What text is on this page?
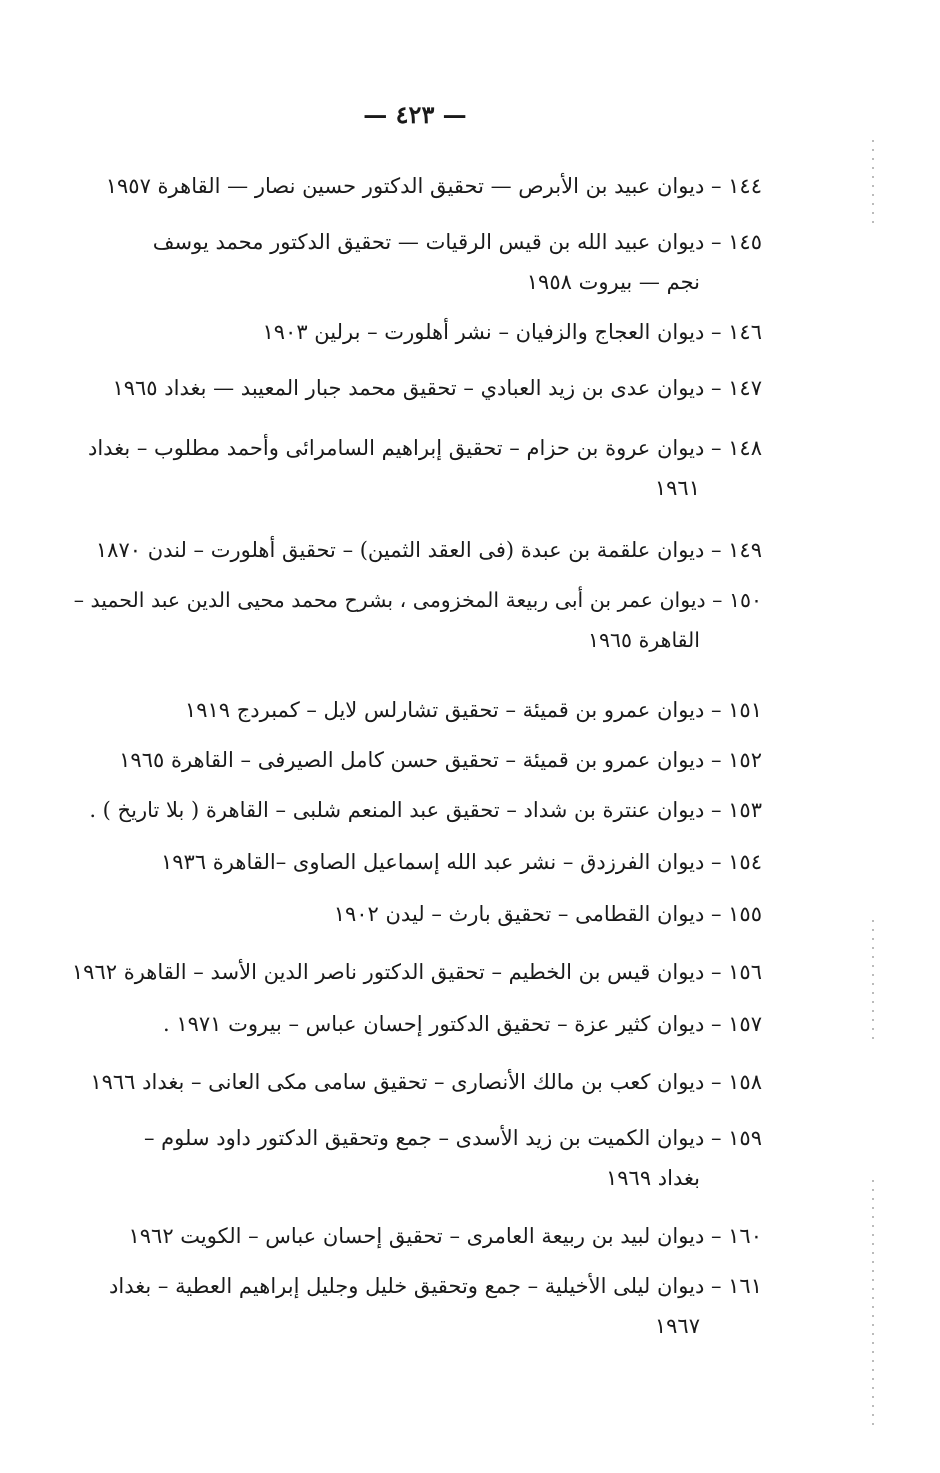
— ٤٢٣ —
١٤٤ – ديوان عبيد بن الأبرص — تحقيق الدكتور حسين نصار — القاهرة ١٩٥٧
١٤٥ – ديوان عبيد الله بن قيس الرقيات — تحقيق الدكتور محمد يوسف
نجم — بيروت ١٩٥٨
١٤٦ – ديوان العجاج والزفيان – نشر أهلورت – برلين ١٩٠٣
١٤٧ – ديوان عدى بن زيد العبادي – تحقيق محمد جبار المعيبد — بغداد ١٩٦٥
١٤٨ – ديوان عروة بن حزام – تحقيق إبراهيم السامرائى وأحمد مطلوب – بغداد
١٩٦١
١٤٩ – ديوان علقمة بن عبدة (فى العقد الثمين) – تحقيق أهلورت – لندن ١٨٧٠
١٥٠ – ديوان عمر بن أبى ربيعة المخزومى ، بشرح محمد محيى الدين عبد الحميد –
القاهرة ١٩٦٥
١٥١ – ديوان عمرو بن قميئة – تحقيق تشارلس لايل – كمبردج ١٩١٩
١٥٢ – ديوان عمرو بن قميئة – تحقيق حسن كامل الصيرفى – القاهرة ١٩٦٥
١٥٣ – ديوان عنترة بن شداد – تحقيق عبد المنعم شلبى – القاهرة ( بلا تاريخ ) .
١٥٤ – ديوان الفرزدق – نشر عبد الله إسماعيل الصاوى –القاهرة ١٩٣٦
١٥٥ – ديوان القطامى – تحقيق بارث – ليدن ١٩٠٢
١٥٦ – ديوان قيس بن الخطيم – تحقيق الدكتور ناصر الدين الأسد – القاهرة ١٩٦٢
١٥٧ – ديوان كثير عزة – تحقيق الدكتور إحسان عباس – بيروت ١٩٧١ .
١٥٨ – ديوان كعب بن مالك الأنصارى – تحقيق سامى مكى العانى – بغداد ١٩٦٦
١٥٩ – ديوان الكميت بن زيد الأسدى – جمع وتحقيق الدكتور داود سلوم –
بغداد ١٩٦٩
١٦٠ – ديوان لبيد بن ربيعة العامرى – تحقيق إحسان عباس – الكويت ١٩٦٢
١٦١ – ديوان ليلى الأخيلية – جمع وتحقيق خليل وجليل إبراهيم العطية – بغداد
١٩٦٧
